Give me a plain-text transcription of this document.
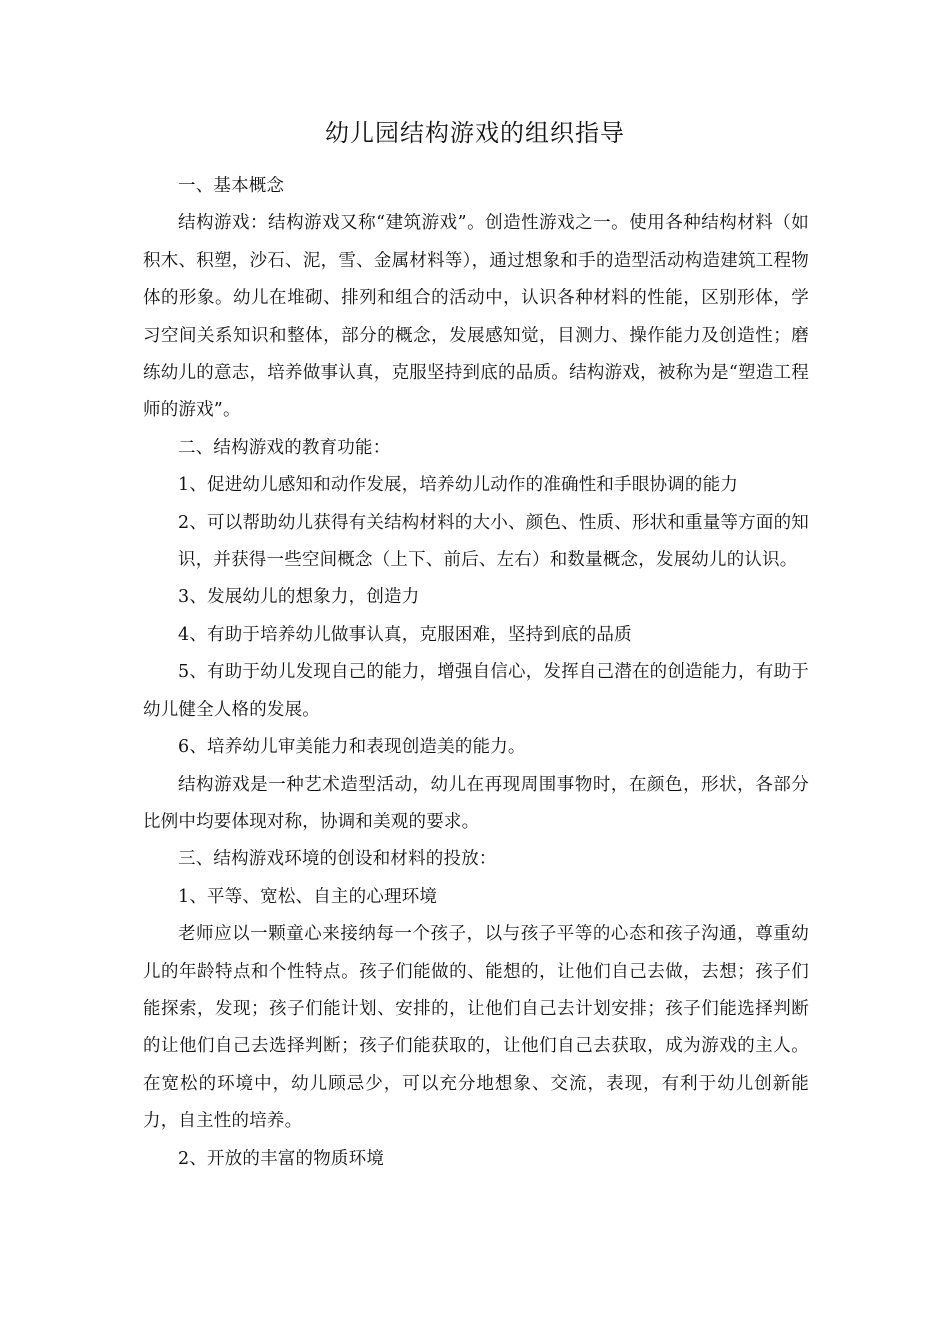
幼儿园结构游戏的组织指导

一、基本概念

结构游戏：结构游戏又称“建筑游戏”。创造性游戏之一。使用各种结构材料（如积木、积塑，沙石、泥，雪、金属材料等），通过想象和手的造型活动构造建筑工程物体的形象。幼儿在堆砌、排列和组合的活动中，认识各种材料的性能，区别形体，学习空间关系知识和整体，部分的概念，发展感知觉，目测力、操作能力及创造性；磨练幼儿的意志，培养做事认真，克服坚持到底的品质。结构游戏，被称为是“塑造工程师的游戏”。

二、结构游戏的教育功能：

1、促进幼儿感知和动作发展，培养幼儿动作的准确性和手眼协调的能力

2、可以帮助幼儿获得有关结构材料的大小、颜色、性质、形状和重量等方面的知识，并获得一些空间概念（上下、前后、左右）和数量概念，发展幼儿的认识。

3、发展幼儿的想象力，创造力

4、有助于培养幼儿做事认真，克服困难，坚持到底的品质

5、有助于幼儿发现自己的能力，增强自信心，发挥自己潜在的创造能力，有助于幼儿健全人格的发展。

6、培养幼儿审美能力和表现创造美的能力。

结构游戏是一种艺术造型活动，幼儿在再现周围事物时，在颜色，形状，各部分比例中均要体现对称，协调和美观的要求。

三、结构游戏环境的创设和材料的投放：

1、平等、宽松、自主的心理环境

老师应以一颗童心来接纳每一个孩子，以与孩子平等的心态和孩子沟通，尊重幼儿的年龄特点和个性特点。孩子们能做的、能想的，让他们自己去做，去想；孩子们能探索，发现；孩子们能计划、安排的，让他们自己去计划安排；孩子们能选择判断的让他们自己去选择判断；孩子们能获取的，让他们自己去获取，成为游戏的主人。在宽松的环境中，幼儿顾忌少，可以充分地想象、交流，表现，有利于幼儿创新能力，自主性的培养。

2、开放的丰富的物质环境
